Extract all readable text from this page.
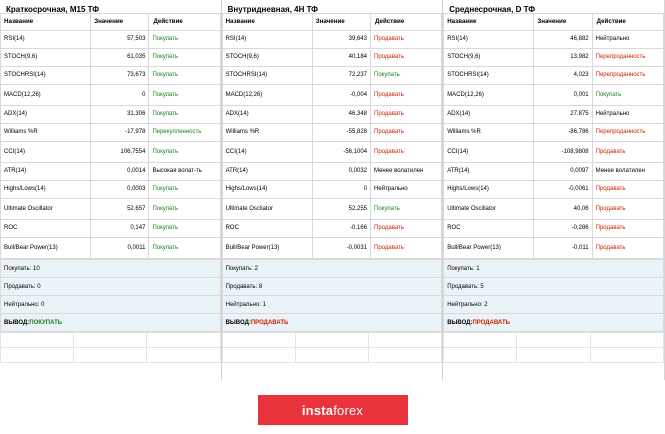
Краткосрочная, M15 ТФ
Название	Значение	Действие
RSI(14)	57,503	Покупать
STOCH(9,6)	61,035	Покупать
STOCHRSI(14)	73,673	Покупать
MACD(12,26)	0	Покупать
ADX(14)	31,306	Покупать
Williams %R	-17,978	Перекупленность
CCI(14)	106,7554	Покупать
ATR(14)	0,0014	Высокая волат-ть
Highs/Lows(14)	0,0003	Покупать
Ultimate Oscillator	52,657	Покупать
ROC	0,147	Покупать
Bull/Bear Power(13)	0,0011	Покупать
Покупать: 10
Продавать: 0
Нейтрально: 0
ВЫВОД:ПОКУПАТЬ

Внутридневная, 4H ТФ
Название	Значение	Действие
RSI(14)	39,643	Продавать
STOCH(9,6)	40,184	Продавать
STOCHRSI(14)	72,237	Покупать
MACD(12,26)	-0,004	Продавать
ADX(14)	46,348	Продавать
Williams %R	-55,828	Продавать
CCI(14)	-56,1004	Продавать
ATR(14)	0,0032	Менее волатилен
Highs/Lows(14)	0	Нейтрально
Ultimate Oscliator	52,255	Покупать
ROC	-0,166	Продавать
Bull/Bear Power(13)	-0,0031	Продавать
Покупать: 2
Продавать: 8
Нейтрально: 1
ВЫВОД:ПРОДАВАТЬ

Среднесрочная, D ТФ
Название	Значение	Действие
RSI(14)	46,882	Нейтрально
STOCH(9,6)	13,982	Перепроданность
STOCHRSI(14)	4,023	Перепроданность
MACD(12,26)	0,001	Покупать
ADX(14)	27,875	Нейтрально
Williams %R	-86,786	Перепроданность
CCI(14)	-108,9808	Продавать
ATR(14)	0,0097	Менее волатилен
Highs/Lows(14)	-0,0061	Продавать
Ultimate Oscillator	40,06	Продавать
ROC	-0,286	Продавать
Bull/Bear Power(13)	-0,011	Продавать
Покупать: 1
Продавать: 5
Нейтрально: 2
ВЫВОД:ПРОДАВАТЬ

insta forex
